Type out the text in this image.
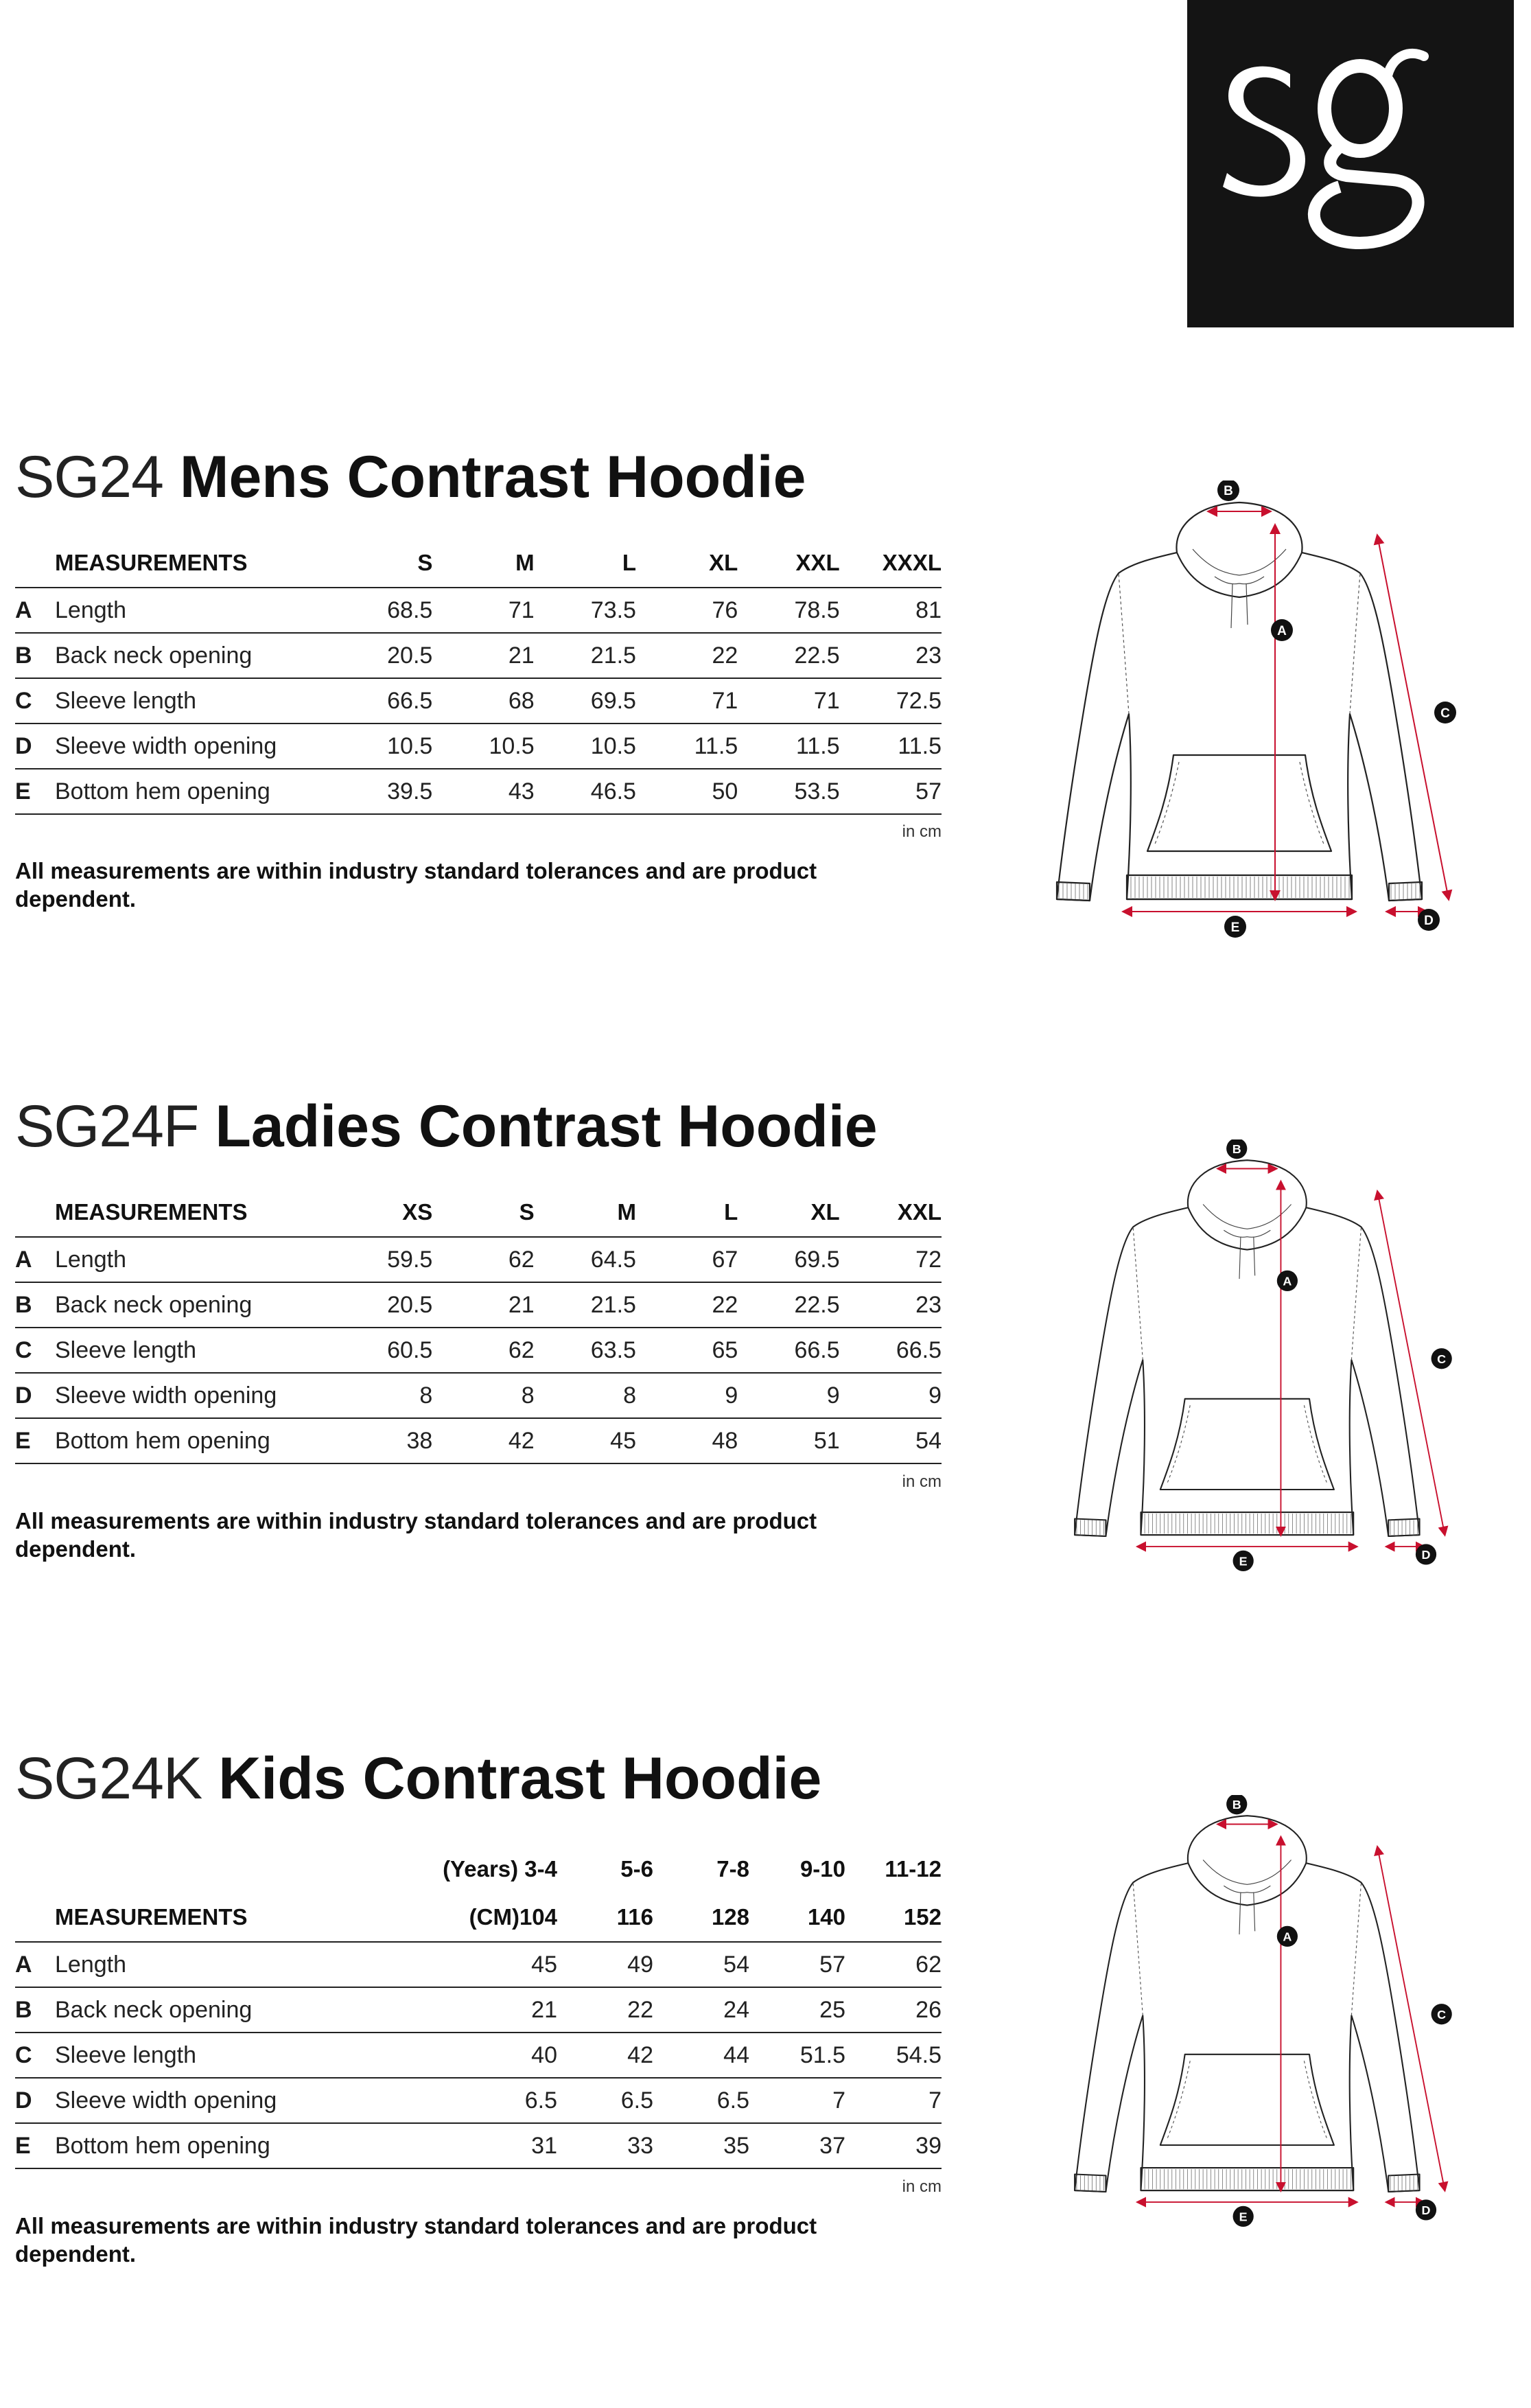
SG24 Mens Contrast Hoodie
MEASUREMENTS		S	M	L	XL	XXL	XXXL
A	Length	68.5	71	73.5	76	78.5	81
B	Back neck opening	20.5	21	21.5	22	22.5	23
C	Sleeve length	66.5	68	69.5	71	71	72.5
D	Sleeve width opening	10.5	10.5	10.5	11.5	11.5	11.5
E	Bottom hem opening	39.5	43	46.5	50	53.5	57
in cm
All measurements are within industry standard tolerances and are product dependent.
A
B
C
D
E
SG24F Ladies Contrast Hoodie
MEASUREMENTS		XS	S	M	L	XL	XXL
A	Length	59.5	62	64.5	67	69.5	72
B	Back neck opening	20.5	21	21.5	22	22.5	23
C	Sleeve length	60.5	62	63.5	65	66.5	66.5
D	Sleeve width opening	8	8	8	9	9	9
E	Bottom hem opening	38	42	45	48	51	54
in cm
All measurements are within industry standard tolerances and are product dependent.
A
B
C
D
E
SG24K Kids Contrast Hoodie
		(Years) 3-4	5-6	7-8	9-10	11-12
MEASUREMENTS		(CM)104	116	128	140	152
A	Length	45	49	54	57	62
B	Back neck opening	21	22	24	25	26
C	Sleeve length	40	42	44	51.5	54.5
D	Sleeve width opening	6.5	6.5	6.5	7	7
E	Bottom hem opening	31	33	35	37	39
in cm
All measurements are within industry standard tolerances and are product dependent.
A
B
C
D
E
